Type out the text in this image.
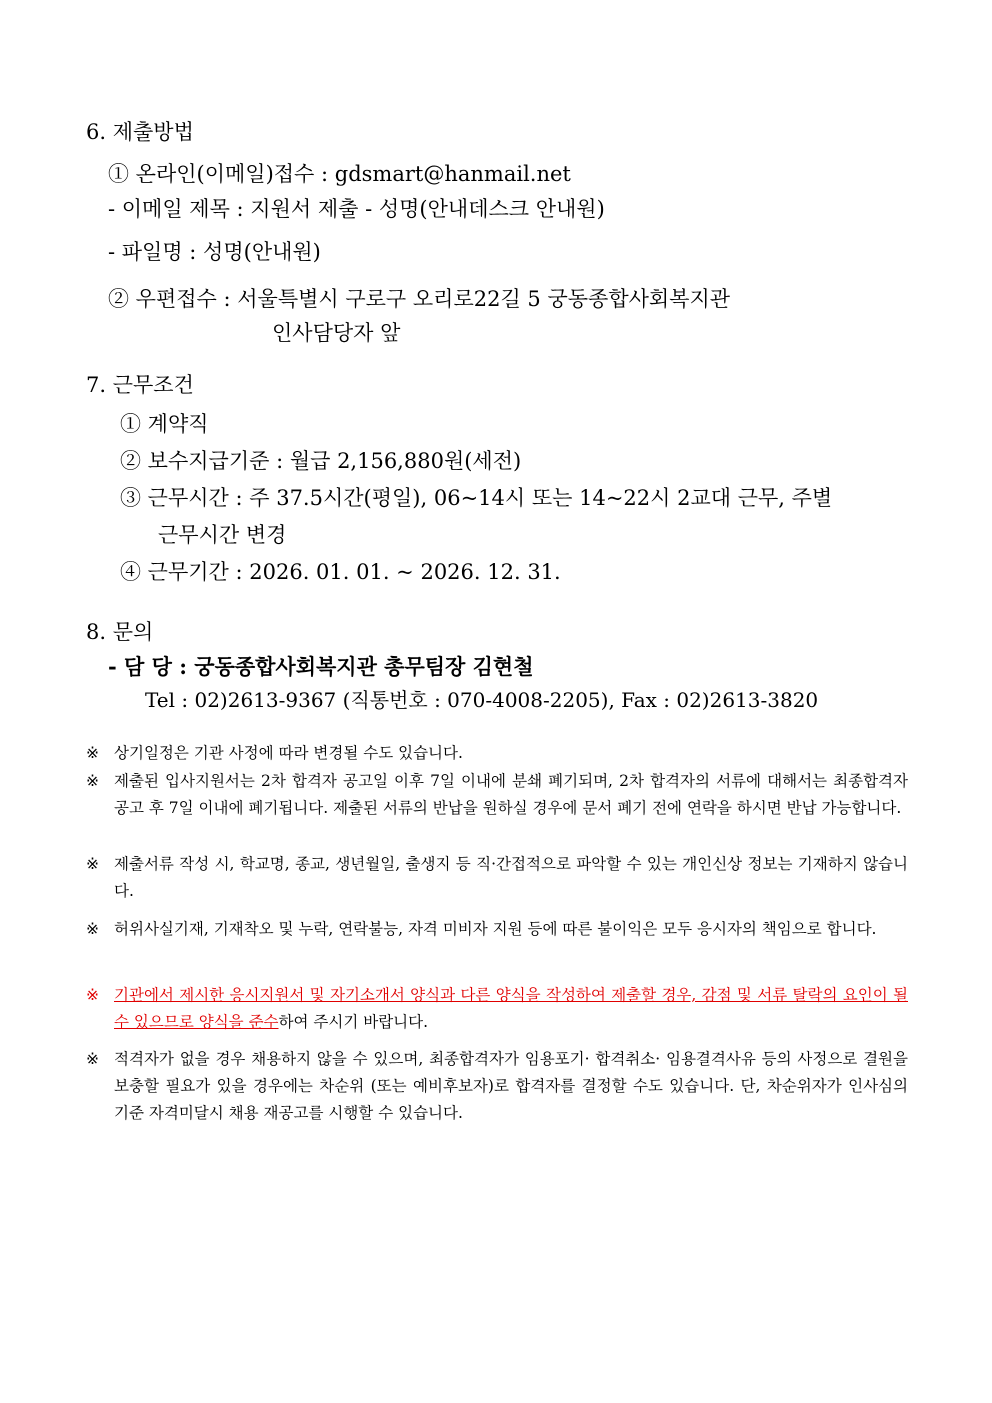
6. 제출방법
① 온라인(이메일)접수 : gdsmart@hanmail.net
- 이메일 제목 : 지원서 제출 - 성명(안내데스크 안내원)
- 파일명 : 성명(안내원)
② 우편접수 : 서울특별시 구로구 오리로22길 5 궁동종합사회복지관
인사담당자 앞
7. 근무조건
① 계약직
② 보수지급기준 : 월급 2,156,880원(세전)
③ 근무시간 : 주 37.5시간(평일), 06~14시 또는 14~22시 2교대 근무, 주별
근무시간 변경
④ 근무기간 : 2026. 01. 01. ~ 2026. 12. 31.
8. 문의
- 담 당 : 궁동종합사회복지관 총무팀장 김현철
Tel : 02)2613-9367 (직통번호 : 070-4008-2205), Fax : 02)2613-3820
※ 상기일정은 기관 사정에 따라 변경될 수도 있습니다.
※ 제출된 입사지원서는 2차 합격자 공고일 이후 7일 이내에 분쇄 폐기되며, 2차 합격자의 서류에 대해서는 최종합격자 공고 후 7일 이내에 폐기됩니다. 제출된 서류의 반납을 원하실 경우에 문서 폐기 전에 연락을 하시면 반납 가능합니다.
※ 제출서류 작성 시, 학교명, 종교, 생년월일, 출생지 등 직·간접적으로 파악할 수 있는 개인신상 정보는 기재하지 않습니다.
※ 허위사실기재, 기재착오 및 누락, 연락불능, 자격 미비자 지원 등에 따른 불이익은 모두 응시자의 책임으로 합니다.
※ 기관에서 제시한 응시지원서 및 자기소개서 양식과 다른 양식을 작성하여 제출할 경우, 감점 및 서류 탈락의 요인이 될 수 있으므로 양식을 준수하여 주시기 바랍니다.
※ 적격자가 없을 경우 채용하지 않을 수 있으며, 최종합격자가 임용포기· 합격취소· 임용결격사유 등의 사정으로 결원을 보충할 필요가 있을 경우에는 차순위 (또는 예비후보자)로 합격자를 결정할 수도 있습니다. 단, 차순위자가 인사심의 기준 자격미달시 채용 재공고를 시행할 수 있습니다.
